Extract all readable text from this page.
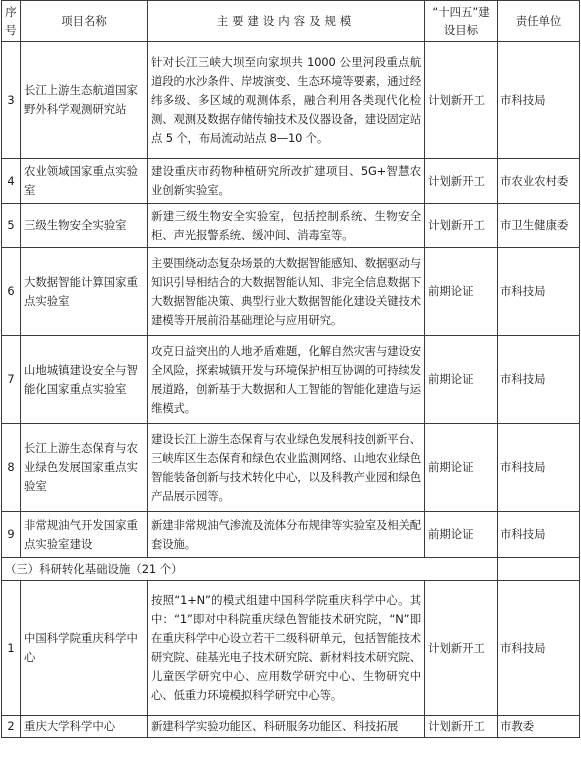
序号	项目名称	主要建设内容及规模	“十四五”建设目标	责任单位
3	长江上游生态航道国家野外科学观测研究站	针对长江三峡大坝至向家坝共 1000 公里河段重点航道段的水沙条件、岸坡演变、生态环境等要素，通过经纬多级、多区域的观测体系，融合利用各类现代化检测、观测及数据存储传输技术及仪器设备，建设固定站点 5 个，布局流动站点 8—10 个。	计划新开工	市科技局
4	农业领域国家重点实验室	建设重庆市药物种植研究所改扩建项目、5G+智慧农业创新实验室。	计划新开工	市农业农村委
5	三级生物安全实验室	新建三级生物安全实验室，包括控制系统、生物安全柜、声光报警系统、缓冲间、消毒室等。	计划新开工	市卫生健康委
6	大数据智能计算国家重点实验室	主要围绕动态复杂场景的大数据智能感知、数据驱动与知识引导相结合的大数据智能认知、非完全信息数据下大数据智能决策、典型行业大数据智能化建设关键技术建模等开展前沿基础理论与应用研究。	前期论证	市科技局
7	山地城镇建设安全与智能化国家重点实验室	攻克日益突出的人地矛盾难题，化解自然灾害与建设安全风险，探索城镇开发与环境保护相互协调的可持续发展道路，创新基于大数据和人工智能的智能化建造与运维模式。	前期论证	市科技局
8	长江上游生态保育与农业绿色发展国家重点实验室	建设长江上游生态保育与农业绿色发展科技创新平台、三峡库区生态保育和绿色农业监测网络、山地农业绿色智能装备创新与技术转化中心，以及科教产业园和绿色产品展示园等。	前期论证	市科技局
9	非常规油气开发国家重点实验室建设	新建非常规油气渗流及流体分布规律等实验室及相关配套设施。	前期论证	市科技局
（三）科研转化基础设施（21 个）				
1	中国科学院重庆科学中心	按照“1+N”的模式组建中国科学院重庆科学中心。其中：“1”即对中科院重庆绿色智能技术研究院，“N”即在重庆科学中心设立若干二级科研单元，包括智能技术研究院、硅基光电子技术研究院、新材料技术研究院、儿童医学研究中心、应用数学研究中心、生物研究中心、低重力环境模拟科学研究中心等。	计划新开工	市科技局
2	重庆大学科学中心	新建科学实验功能区、科研服务功能区、科技拓展	计划新开工	市教委
